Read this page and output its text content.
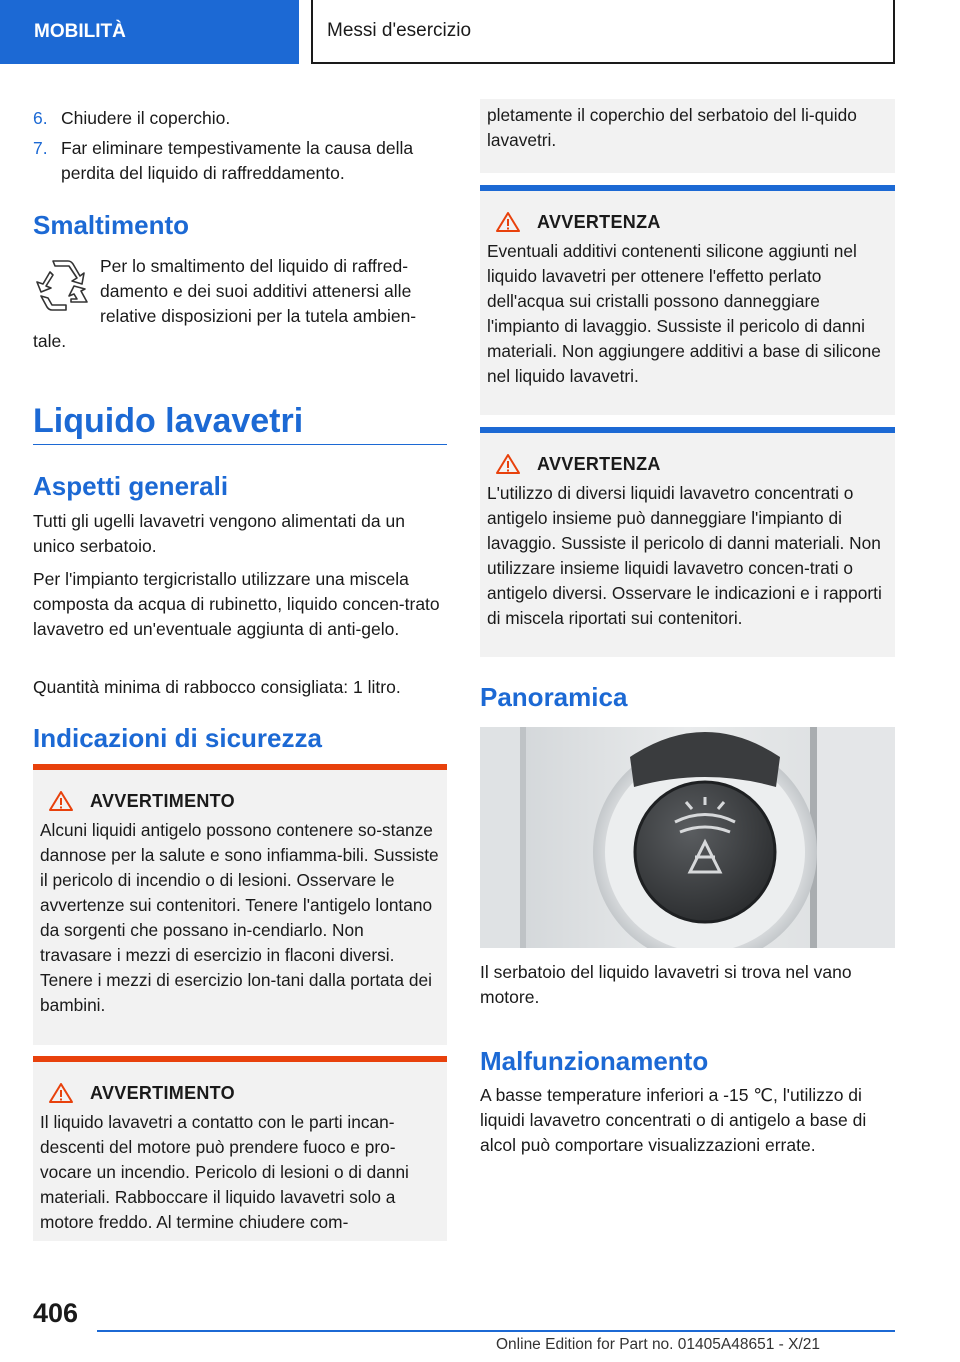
MOBILITÀ	Messi d'esercizio
6. Chiudere il coperchio.
7. Far eliminare tempestivamente la causa della perdita del liquido di raffreddamento.
Smaltimento

Per lo smaltimento del liquido di raffred-damento e dei suoi additivi attenersi alle relative disposizioni per la tutela ambien-

tale.

Liquido lavavetri
Aspetti generali

Tutti gli ugelli lavavetri vengono alimentati da un unico serbatoio.

Per l'impianto tergicristallo utilizzare una miscela composta da acqua di rubinetto, liquido concen-trato lavavetro ed un'eventuale aggiunta di anti-gelo.

Quantità minima di rabbocco consigliata: 1 litro.

Indicazioni di sicurezza
AVVERTIMENTO

Alcuni liquidi antigelo possono contenere so-stanze dannose per la salute e sono infiamma-bili. Sussiste il pericolo di incendio o di lesioni. Osservare le avvertenze sui contenitori. Tenere l'antigelo lontano da sorgenti che possano in-cendiarlo. Non travasare i mezzi di esercizio in flaconi diversi. Tenere i mezzi di esercizio lon-tani dalla portata dei bambini.

AVVERTIMENTO

Il liquido lavavetri a contatto con le parti incan-descenti del motore può prendere fuoco e pro-vocare un incendio. Pericolo di lesioni o di danni materiali. Rabboccare il liquido lavavetri solo a motore freddo. Al termine chiudere com-

pletamente il coperchio del serbatoio del li-quido lavavetri.

AVVERTENZA

Eventuali additivi contenenti silicone aggiunti nel liquido lavavetri per ottenere l'effetto perlato dell'acqua sui cristalli possono danneggiare l'impianto di lavaggio. Sussiste il pericolo di danni materiali. Non aggiungere additivi a base di silicone nel liquido lavavetri.

AVVERTENZA

L'utilizzo di diversi liquidi lavavetro concentrati o antigelo insieme può danneggiare l'impianto di lavaggio. Sussiste il pericolo di danni materiali. Non utilizzare insieme liquidi lavavetro concen-trati o antigelo diversi. Osservare le indicazioni e i rapporti di miscela riportati sui contenitori.

Panoramica

Il serbatoio del liquido lavavetri si trova nel vano motore.

Malfunzionamento

A basse temperature inferiori a -15 ℃, l'utilizzo di liquidi lavavetro concentrati o di antigelo a base di alcol può comportare visualizzazioni errate.

406
Online Edition for Part no. 01405A48651 - X/21
